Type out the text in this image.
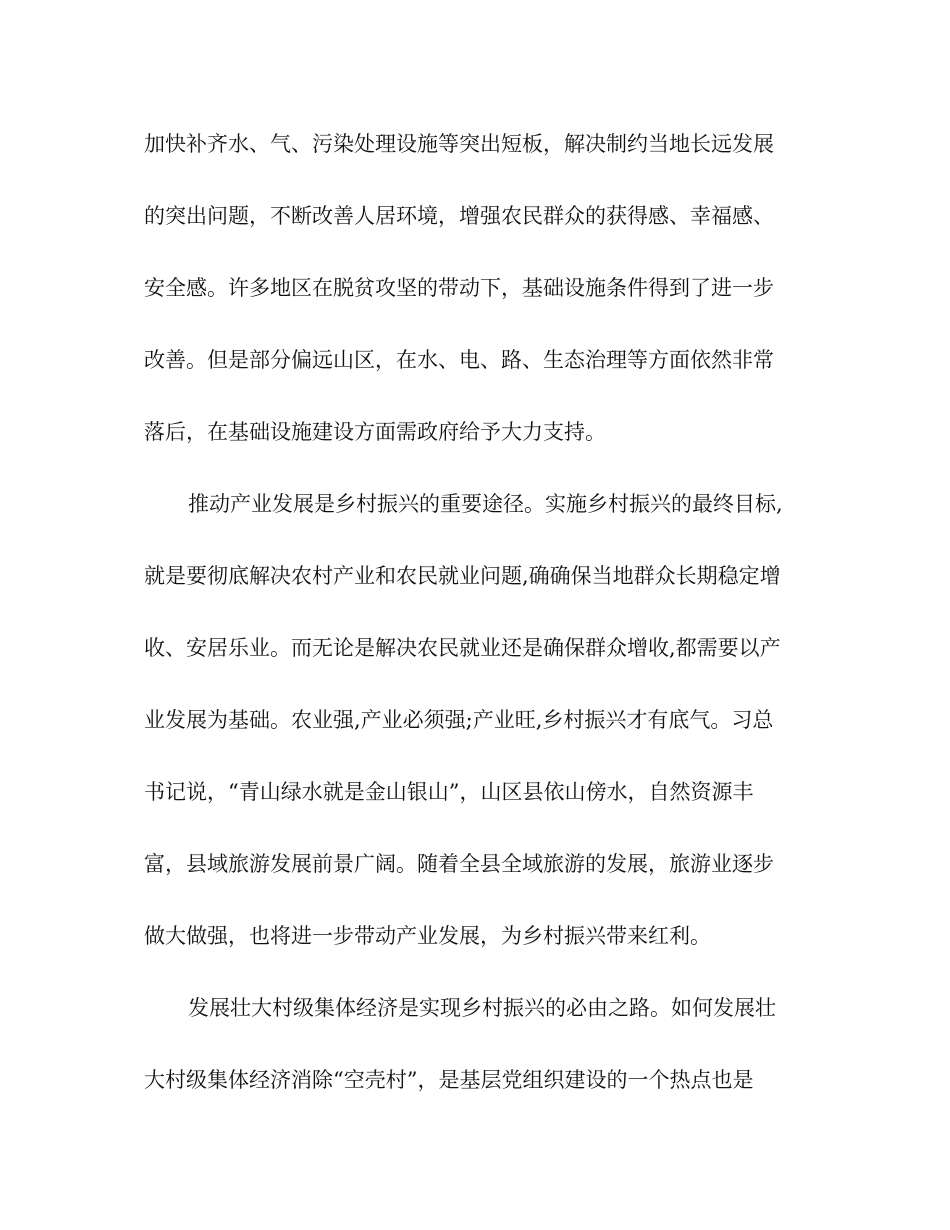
加快补齐水、气、污染处理设施等突出短板，解决制约当地长远发展
的突出问题，不断改善人居环境，增强农民群众的获得感、幸福感、
安全感。许多地区在脱贫攻坚的带动下，基础设施条件得到了进一步
改善。但是部分偏远山区，在水、电、路、生态治理等方面依然非常
落后，在基础设施建设方面需政府给予大力支持。
推动产业发展是乡村振兴的重要途径。实施乡村振兴的最终目标,
就是要彻底解决农村产业和农民就业问题,确确保当地群众长期稳定增
收、安居乐业。而无论是解决农民就业还是确保群众增收,都需要以产
业发展为基础。农业强,产业必须强;产业旺,乡村振兴才有底气。习总
书记说，“青山绿水就是金山银山”，山区县依山傍水，自然资源丰
富，县域旅游发展前景广阔。随着全县全域旅游的发展，旅游业逐步
做大做强，也将进一步带动产业发展，为乡村振兴带来红利。
发展壮大村级集体经济是实现乡村振兴的必由之路。如何发展壮
大村级集体经济消除“空壳村”，是基层党组织建设的一个热点也是
